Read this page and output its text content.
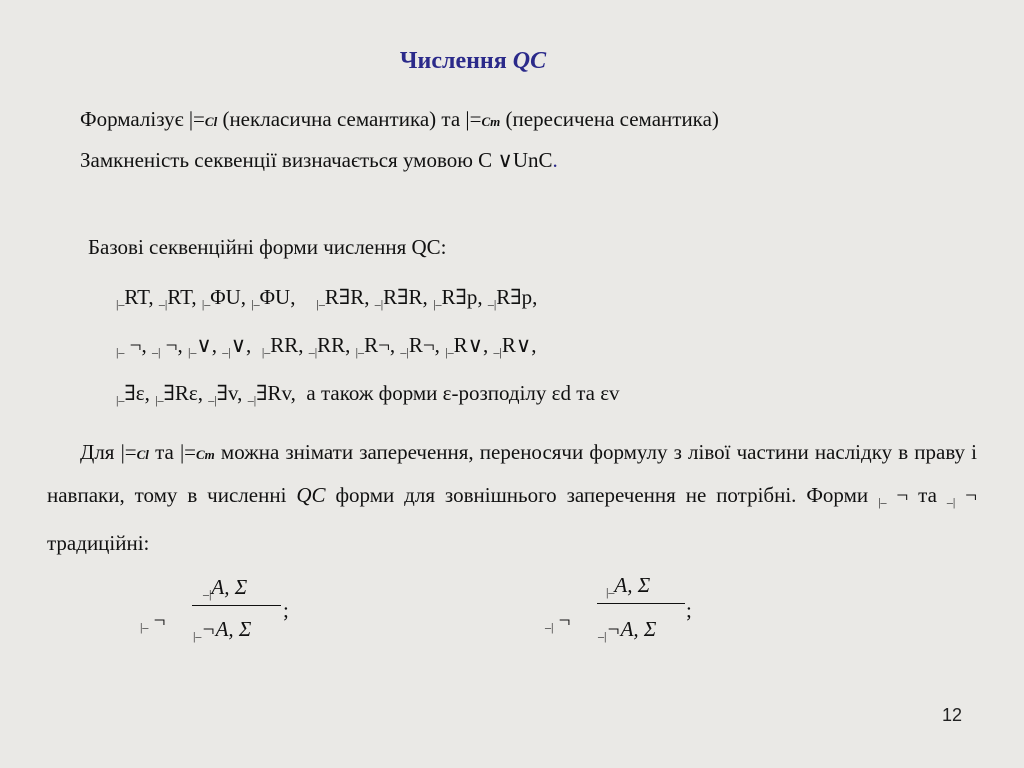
Числення QC
Формалізує |=Cl (некласична семантика) та |=Cm (пересичена семантика)
Замкненість секвенції визначається умовою C ∨UnC.
Базові секвенційні форми числення QC:
$_{|-}$RT, $_{-|}$RT, $_{|-}$ΦU, $_{|-}$ΦU,    $_{|-}$R∃R, $_{-|}$R∃R, $_{|-}$R∃p, $_{-|}$R∃p,
$_{|-}$ ¬, $_{-|}$ ¬, $_{|-}$∨, $_{-|}$∨,  $_{|-}$RR, $_{-|}$RR, $_{|-}$R¬, $_{-|}$R¬, $_{|-}$R∨, $_{-|}$R∨,
$_{|-}$∃ε, $_{|-}$∃Rε, $_{-|}$∃v, $_{-|}$∃Rv,  а також форми ε-розподілу εd та εv
Для |=Cl та |=Cm можна знімати заперечення, переносячи формулу з лівої частини наслідку в праву і навпаки, тому в численні QC форми для зовнішнього заперечення не потрібні. Форми $_{|-}$ ¬ та $_{-|}$ ¬ традиційні:
$_{|-}$ ¬
$_{-|}$A, Σ
$_{|-}$¬A, Σ
;
$_{-|}$ ¬
$_{|-}$A, Σ
$_{-|}$¬A, Σ
;
12
